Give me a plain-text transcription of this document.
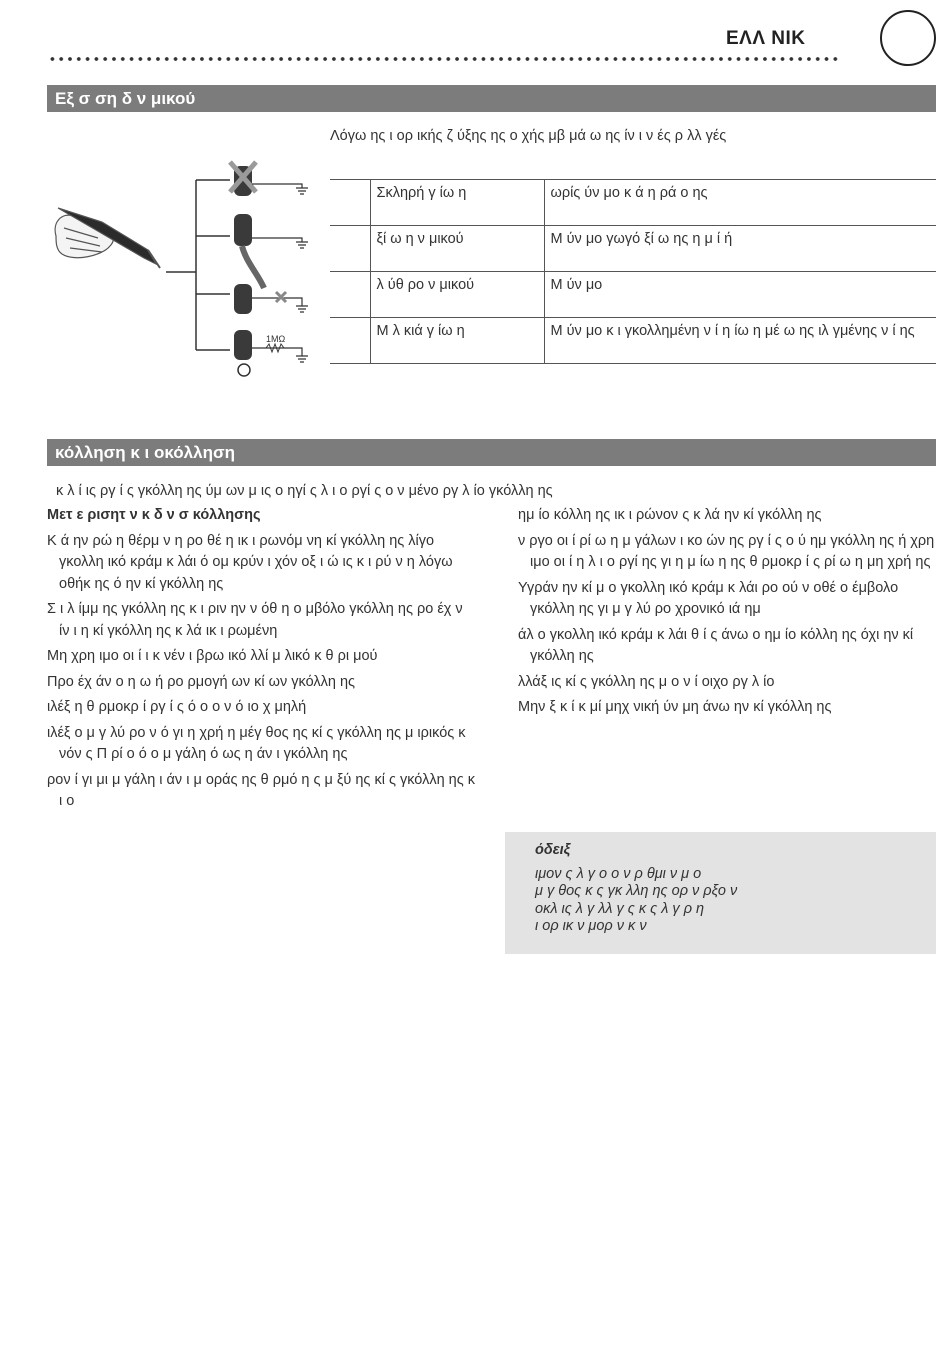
ΕΛΛ ΝΙΚ
Εξ σ ση δ ν μικού
1MΩ
Λόγω ης ι ορ ικής ζ ύξης ης ο χής μβ μά ω ης ίν ι ν ές ρ λλ γές
	Σκληρή γ ίω η	ωρίς ύν μο κ ά η ρά ο ης
	ξί ω η ν μικού	Μ ύν μο γωγό ξί ω ης η μ ί ή
	λ ύθ ρο ν μικού	Μ ύν μο
	Μ λ κιά γ ίω η	Μ ύν μο κ ι γκολλημένη ν ί η ίω η μέ ω ης ιλ γμένης ν ί ης
κόλληση κ ι οκόλληση
κ λ ί ις ργ ί ς γκόλλη ης ύμ ων μ ις ο ηγί ς λ ι ο ργί ς ο ν μένο ργ λ ίο γκόλλη ης

Μετ ε ρισητ ν κ δ ν σ κόλλησης

Κ ά ην ρώ η θέρμ ν η ρο θέ η ικ ι ρωνόμ νη κί γκόλλη ης λίγο γκολλη ικό κράμ κ λάι ό ομ κρύν ι χόν οξ ι ώ ις κ ι ρύ ν η λόγω οθήκ ης ό ην κί γκόλλη ης

Σ ι λ ίμμ ης γκόλλη ης κ ι ριν ην ν όθ η ο μβόλο γκόλλη ης ρο έχ ν ίν ι η κί γκόλλη ης κ λά ικ ι ρωμένη

Μη χρη ιμο οι ί ι κ νέν ι βρω ικό λλί μ λικό κ θ ρι μού

Προ έχ άν ο η ω ή ρο ρμογή ων κί ων γκόλλη ης

ιλέξ η θ ρμοκρ ί ργ ί ς ό ο ο ν ό ιο χ μηλή

ιλέξ ο μ γ λύ ρο ν ό γι η χρή η μέγ θος ης κί ς γκόλλη ης μ ιρικός κ νόν ς Π ρί ο ό ο μ γάλη ό ως η άν ι γκόλλη ης

ρον ί γι μι μ γάλη ι άν ι μ οράς ης θ ρμό η ς μ ξύ ης κί ς γκόλλη ης κ ι ο

ημ ίο κόλλη ης ικ ι ρώνον ς κ λά ην κί γκόλλη ης

ν ργο οι ί ρί ω η μ γάλων ι κο ών ης ργ ί ς ο ύ ημ γκόλλη ης ή χρη ιμο οι ί η λ ι ο ργί ης γι η μ ίω η ης θ ρμοκρ ί ς ρί ω η μη χρή ης

Υγράν ην κί μ ο γκολλη ικό κράμ κ λάι ρο ού ν οθέ ο έμβολο γκόλλη ης γι μ γ λύ ρο χρονικό ιά ημ

άλ ο γκολλη ικό κράμ κ λάι θ ί ς άνω ο ημ ίο κόλλη ης όχι ην κί γκόλλη ης

λλάξ ις κί ς γκόλλη ης μ ο ν ί οιχο ργ λ ίο

Μην ξ κ ί κ μί μηχ νική ύν μη άνω ην κί γκόλλη ης

όδειξ
ιμον ς λ γ ο ο ν ρ θμι ν μ ο
μ γ θος κ ς γκ λλη ης ορ ν ρξο ν
οκλ ις λ γ λλ γ ς κ ς λ γ ρ η
ι ορ ικ ν μορ ν κ ν
